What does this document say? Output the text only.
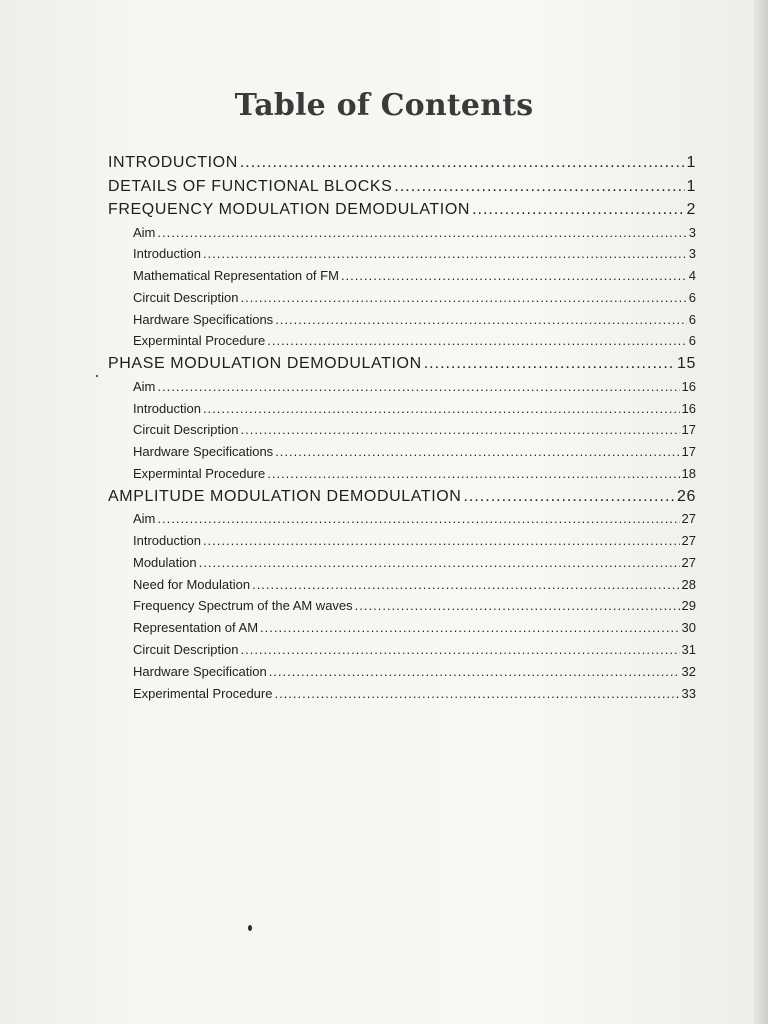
Table of Contents
INTRODUCTION .....	1
DETAILS OF FUNCTIONAL BLOCKS .....	1
FREQUENCY MODULATION DEMODULATION .....	2
Aim .....	3
Introduction .....	3
Mathematical Representation of FM .....	4
Circuit Description .....	6
Hardware Specifications .....	6
Expermintal Procedure .....	6
PHASE MODULATION DEMODULATION .....	15
Aim .....	16
Introduction .....	16
Circuit Description .....	17
Hardware Specifications .....	17
Expermintal Procedure .....	18
AMPLITUDE MODULATION DEMODULATION .....	26
Aim .....	27
Introduction .....	27
Modulation .....	27
Need for Modulation .....	28
Frequency Spectrum of the AM waves .....	29
Representation of AM .....	30
Circuit Description .....	31
Hardware Specification .....	32
Experimental Procedure .....	33
